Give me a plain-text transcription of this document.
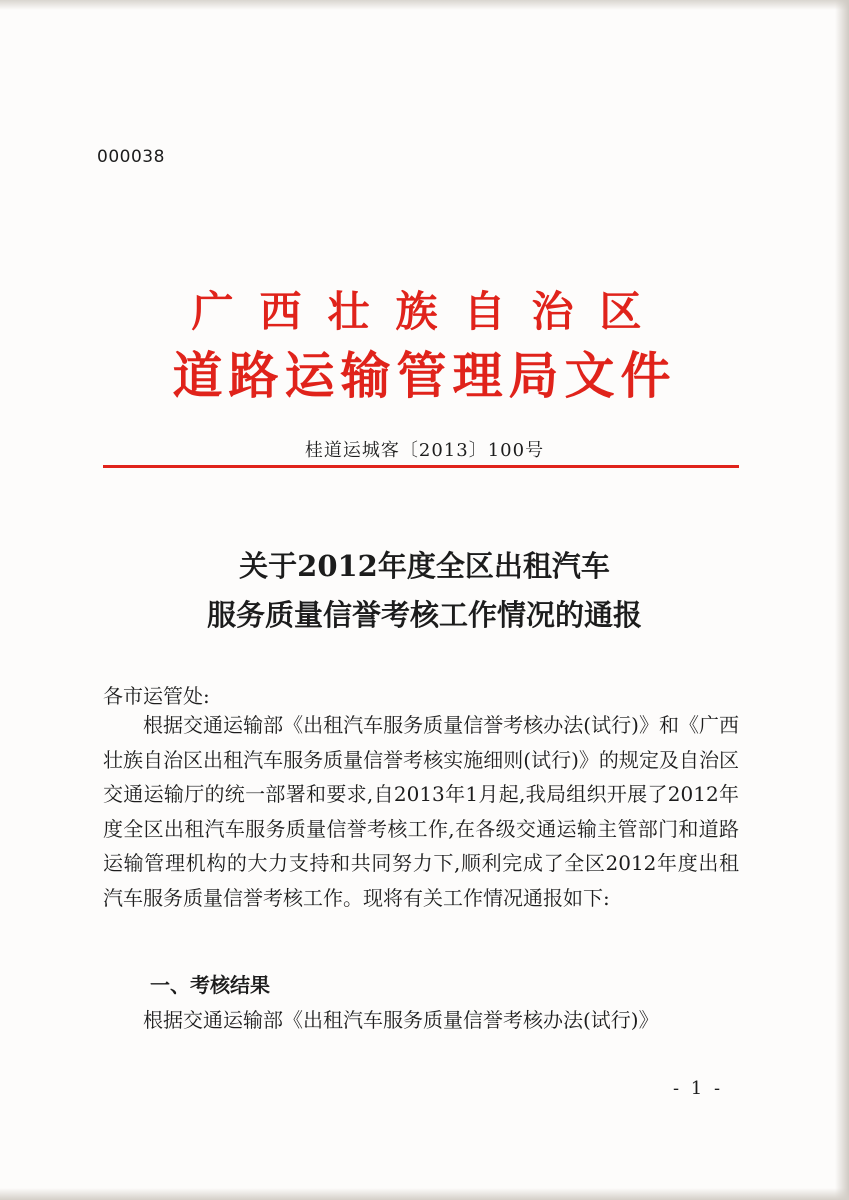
000038
广西壮族自治区
道路运输管理局文件
桂道运城客〔2013〕100号
关于2012年度全区出租汽车
服务质量信誉考核工作情况的通报
各市运管处:

根据交通运输部《出租汽车服务质量信誉考核办法(试行)》和《广西壮族自治区出租汽车服务质量信誉考核实施细则(试行)》的规定及自治区交通运输厅的统一部署和要求,自2013年1月起,我局组织开展了2012年度全区出租汽车服务质量信誉考核工作,在各级交通运输主管部门和道路运输管理机构的大力支持和共同努力下,顺利完成了全区2012年度出租汽车服务质量信誉考核工作。现将有关工作情况通报如下:

一、考核结果

根据交通运输部《出租汽车服务质量信誉考核办法(试行)》

- 1 -
